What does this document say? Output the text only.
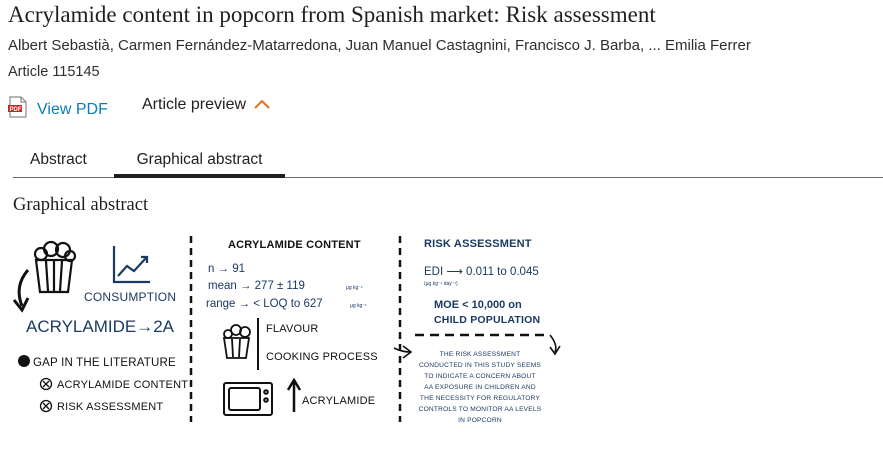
Acrylamide content in popcorn from Spanish market: Risk assessment
Albert Sebastià, Carmen Fernández-Matarredona, Juan Manuel Castagnini, Francisco J. Barba, ... Emilia Ferrer
Article 115145
PDF View PDF Article preview
Abstract	Graphical abstract
Graphical abstract
CONSUMPTION
ACRYLAMIDE→2A
GAP IN THE LITERATURE
ACRYLAMIDE CONTENT
RISK ASSESSMENT
ACRYLAMIDE CONTENT
n → 91
mean → 277 ± 119	µg kg⁻¹
range → < LOQ to 627	µg kg⁻¹
FLAVOUR
COOKING PROCESS
ACRYLAMIDE
RISK ASSESSMENT
EDI ⟶ 0.011 to 0.045
(µg kg⁻¹ day⁻¹)
MOE < 10,000 on
CHILD POPULATION
THE RISK ASSESSMENT
CONDUCTED IN THIS STUDY SEEMS
TO INDICATE A CONCERN ABOUT
AA EXPOSURE IN CHILDREN AND
THE NECESSITY FOR REGULATORY
CONTROLS TO MONITOR AA LEVELS
IN POPCORN
